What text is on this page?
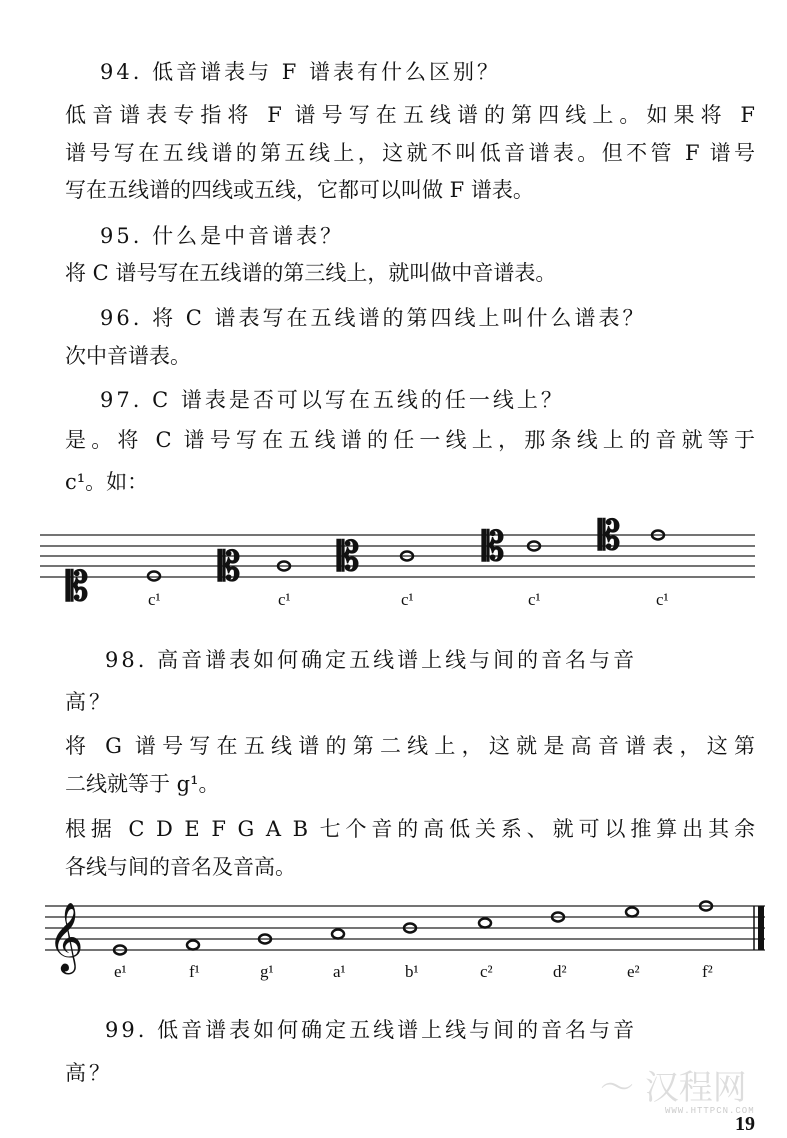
94. 低音谱表与 F 谱表有什么区别？
低音谱表专指将 F 谱号写在五线谱的第四线上。如果将 F
谱号写在五线谱的第五线上，这就不叫低音谱表。但不管 F 谱号
写在五线谱的四线或五线，它都可以叫做 F 谱表。
95. 什么是中音谱表？
将 C 谱号写在五线谱的第三线上，就叫做中音谱表。
96. 将 C 谱表写在五线谱的第四线上叫什么谱表？
次中音谱表。
97. C 谱表是否可以写在五线的任一线上？
是。将 C 谱号写在五线谱的任一线上，那条线上的音就等于
c¹。如：
𝄡	𝄡 𝄡	𝄡 𝄡
c¹	c¹	c¹	c¹	c¹
98. 高音谱表如何确定五线谱上线与间的音名与音
高？
将 G 谱号写在五线谱的第二线上，这就是高音谱表，这第
二线就等于 g¹。
根据 C D E F G A B 七个音的高低关系、就可以推算出其余
各线与间的音名及音高。
𝄞 e¹	f¹	g¹	a¹	b¹	c²	d²	e²	f²
99. 低音谱表如何确定五线谱上线与间的音名与音
高？	〜 汉程网
WWW.HTTPCN.COM
19
